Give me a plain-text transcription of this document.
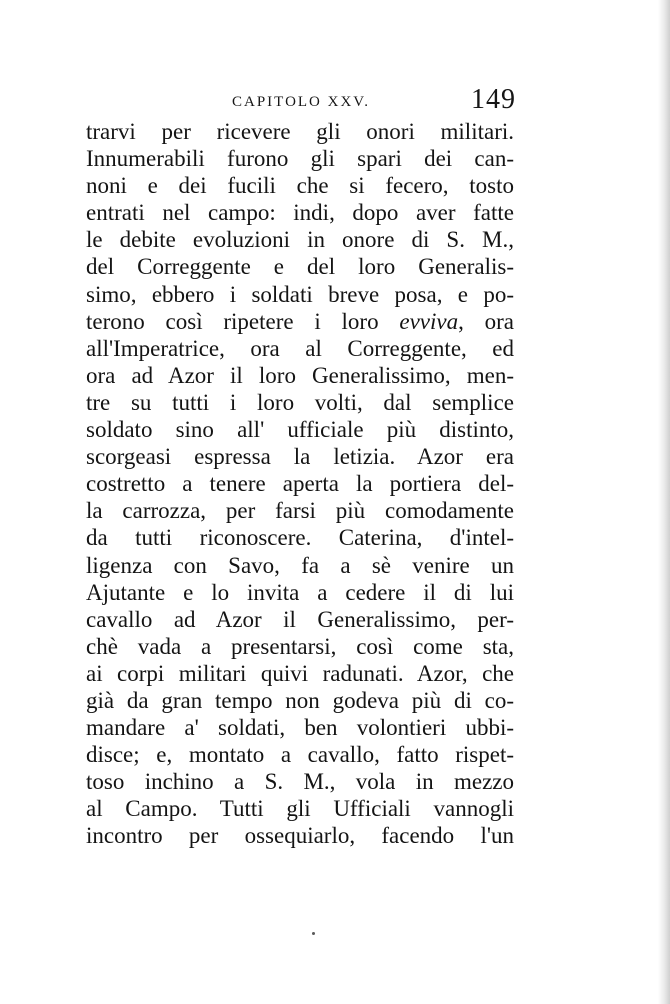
CAPITOLO XXV.	149
trarvi per ricevere gli onori militari.
Innumerabili furono gli spari dei can-
noni e dei fucili che si fecero, tosto
entrati nel campo: indi, dopo aver fatte
le debite evoluzioni in onore di S. M.,
del Correggente e del loro Generalis-
simo, ebbero i soldati breve posa, e po-
terono così ripetere i loro evviva, ora
all'Imperatrice, ora al Correggente, ed
ora ad Azor il loro Generalissimo, men-
tre su tutti i loro volti, dal semplice
soldato sino all' ufficiale più distinto,
scorgeasi espressa la letizia. Azor era
costretto a tenere aperta la portiera del-
la carrozza, per farsi più comodamente
da tutti riconoscere. Caterina, d'intel-
ligenza con Savo, fa a sè venire un
Ajutante e lo invita a cedere il di lui
cavallo ad Azor il Generalissimo, per-
chè vada a presentarsi, così come sta,
ai corpi militari quivi radunati. Azor, che
già da gran tempo non godeva più di co-
mandare a' soldati, ben volontieri ubbi-
disce; e, montato a cavallo, fatto rispet-
toso inchino a S. M., vola in mezzo
al Campo. Tutti gli Ufficiali vannogli
incontro per ossequiarlo, facendo l'un
